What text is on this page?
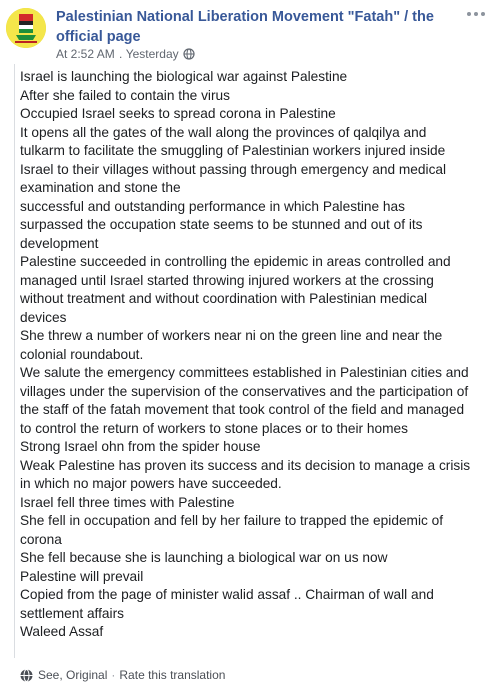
Palestinian National Liberation Movement "Fatah" / the official page
At 2:52 AM . Yesterday
Israel is launching the biological war against Palestine
After she failed to contain the virus
Occupied Israel seeks to spread corona in Palestine
It opens all the gates of the wall along the provinces of qalqilya and
tulkarm to facilitate the smuggling of Palestinian workers injured inside
Israel to their villages without passing through emergency and medical
examination and stone the
successful and outstanding performance in which Palestine has
surpassed the occupation state seems to be stunned and out of its
development
Palestine succeeded in controlling the epidemic in areas controlled and
managed until Israel started throwing injured workers at the crossing
without treatment and without coordination with Palestinian medical
devices
She threw a number of workers near ni on the green line and near the
colonial roundabout.
We salute the emergency committees established in Palestinian cities and
villages under the supervision of the conservatives and the participation of
the staff of the fatah movement that took control of the field and managed
to control the return of workers to stone places or to their homes
Strong Israel ohn from the spider house
Weak Palestine has proven its success and its decision to manage a crisis
in which no major powers have succeeded.
Israel fell three times with Palestine
She fell in occupation and fell by her failure to trapped the epidemic of
corona
She fell because she is launching a biological war on us now
Palestine will prevail
Copied from the page of minister walid assaf .. Chairman of wall and
settlement affairs
Waleed Assaf
See, Original · Rate this translation
